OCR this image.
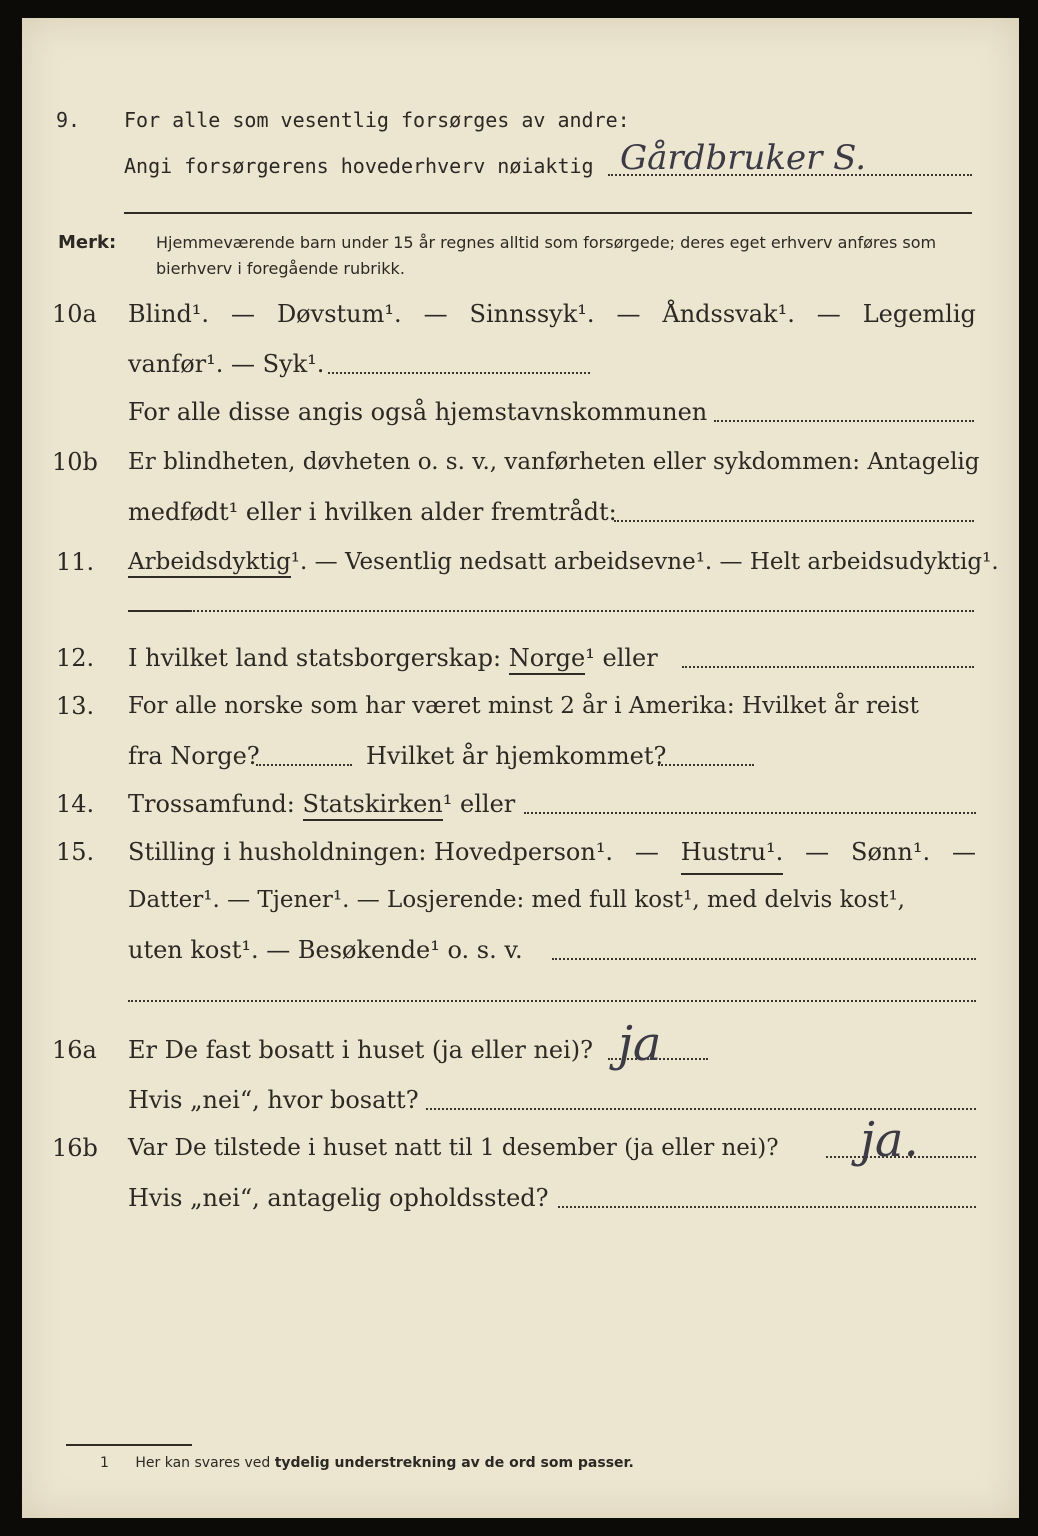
9. For alle som vesentlig forsørges av andre:
Angi forsørgerens hovederhverv nøiaktig Gårdbruker S.
Merk: Hjemmeværende barn under 15 år regnes alltid som forsørgede; deres eget erhverv anføres som bierhverv i foregående rubrikk.
10a Blind¹. — Døvstum¹. — Sinnssyk¹. — Åndssvak¹. — Legemlig
vanfør¹. — Syk¹.
For alle disse angis også hjemstavnskommunen
10b Er blindheten, døvheten o. s. v., vanførheten eller sykdommen: Antagelig
medfødt¹ eller i hvilken alder fremtrådt:
11. Arbeidsdyktig¹. — Vesentlig nedsatt arbeidsevne¹. — Helt arbeidsudyktig¹.
12. I hvilket land statsborgerskap: Norge¹ eller
13. For alle norske som har været minst 2 år i Amerika: Hvilket år reist
fra Norge?	Hvilket år hjemkommet?
14. Trossamfund: Statskirken¹ eller
15. Stilling i husholdningen: Hovedperson¹. — Hustru¹. — Sønn¹. —
Datter¹. — Tjener¹. — Losjerende: med full kost¹, med delvis kost¹,
uten kost¹. — Besøkende¹ o. s. v.
16a Er De fast bosatt i huset (ja eller nei)? ja
Hvis „nei“, hvor bosatt?
16b Var De tilstede i huset natt til 1 desember (ja eller nei)? ja.
Hvis „nei“, antagelig opholdssted?
1 Her kan svares ved tydelig understrekning av de ord som passer.
